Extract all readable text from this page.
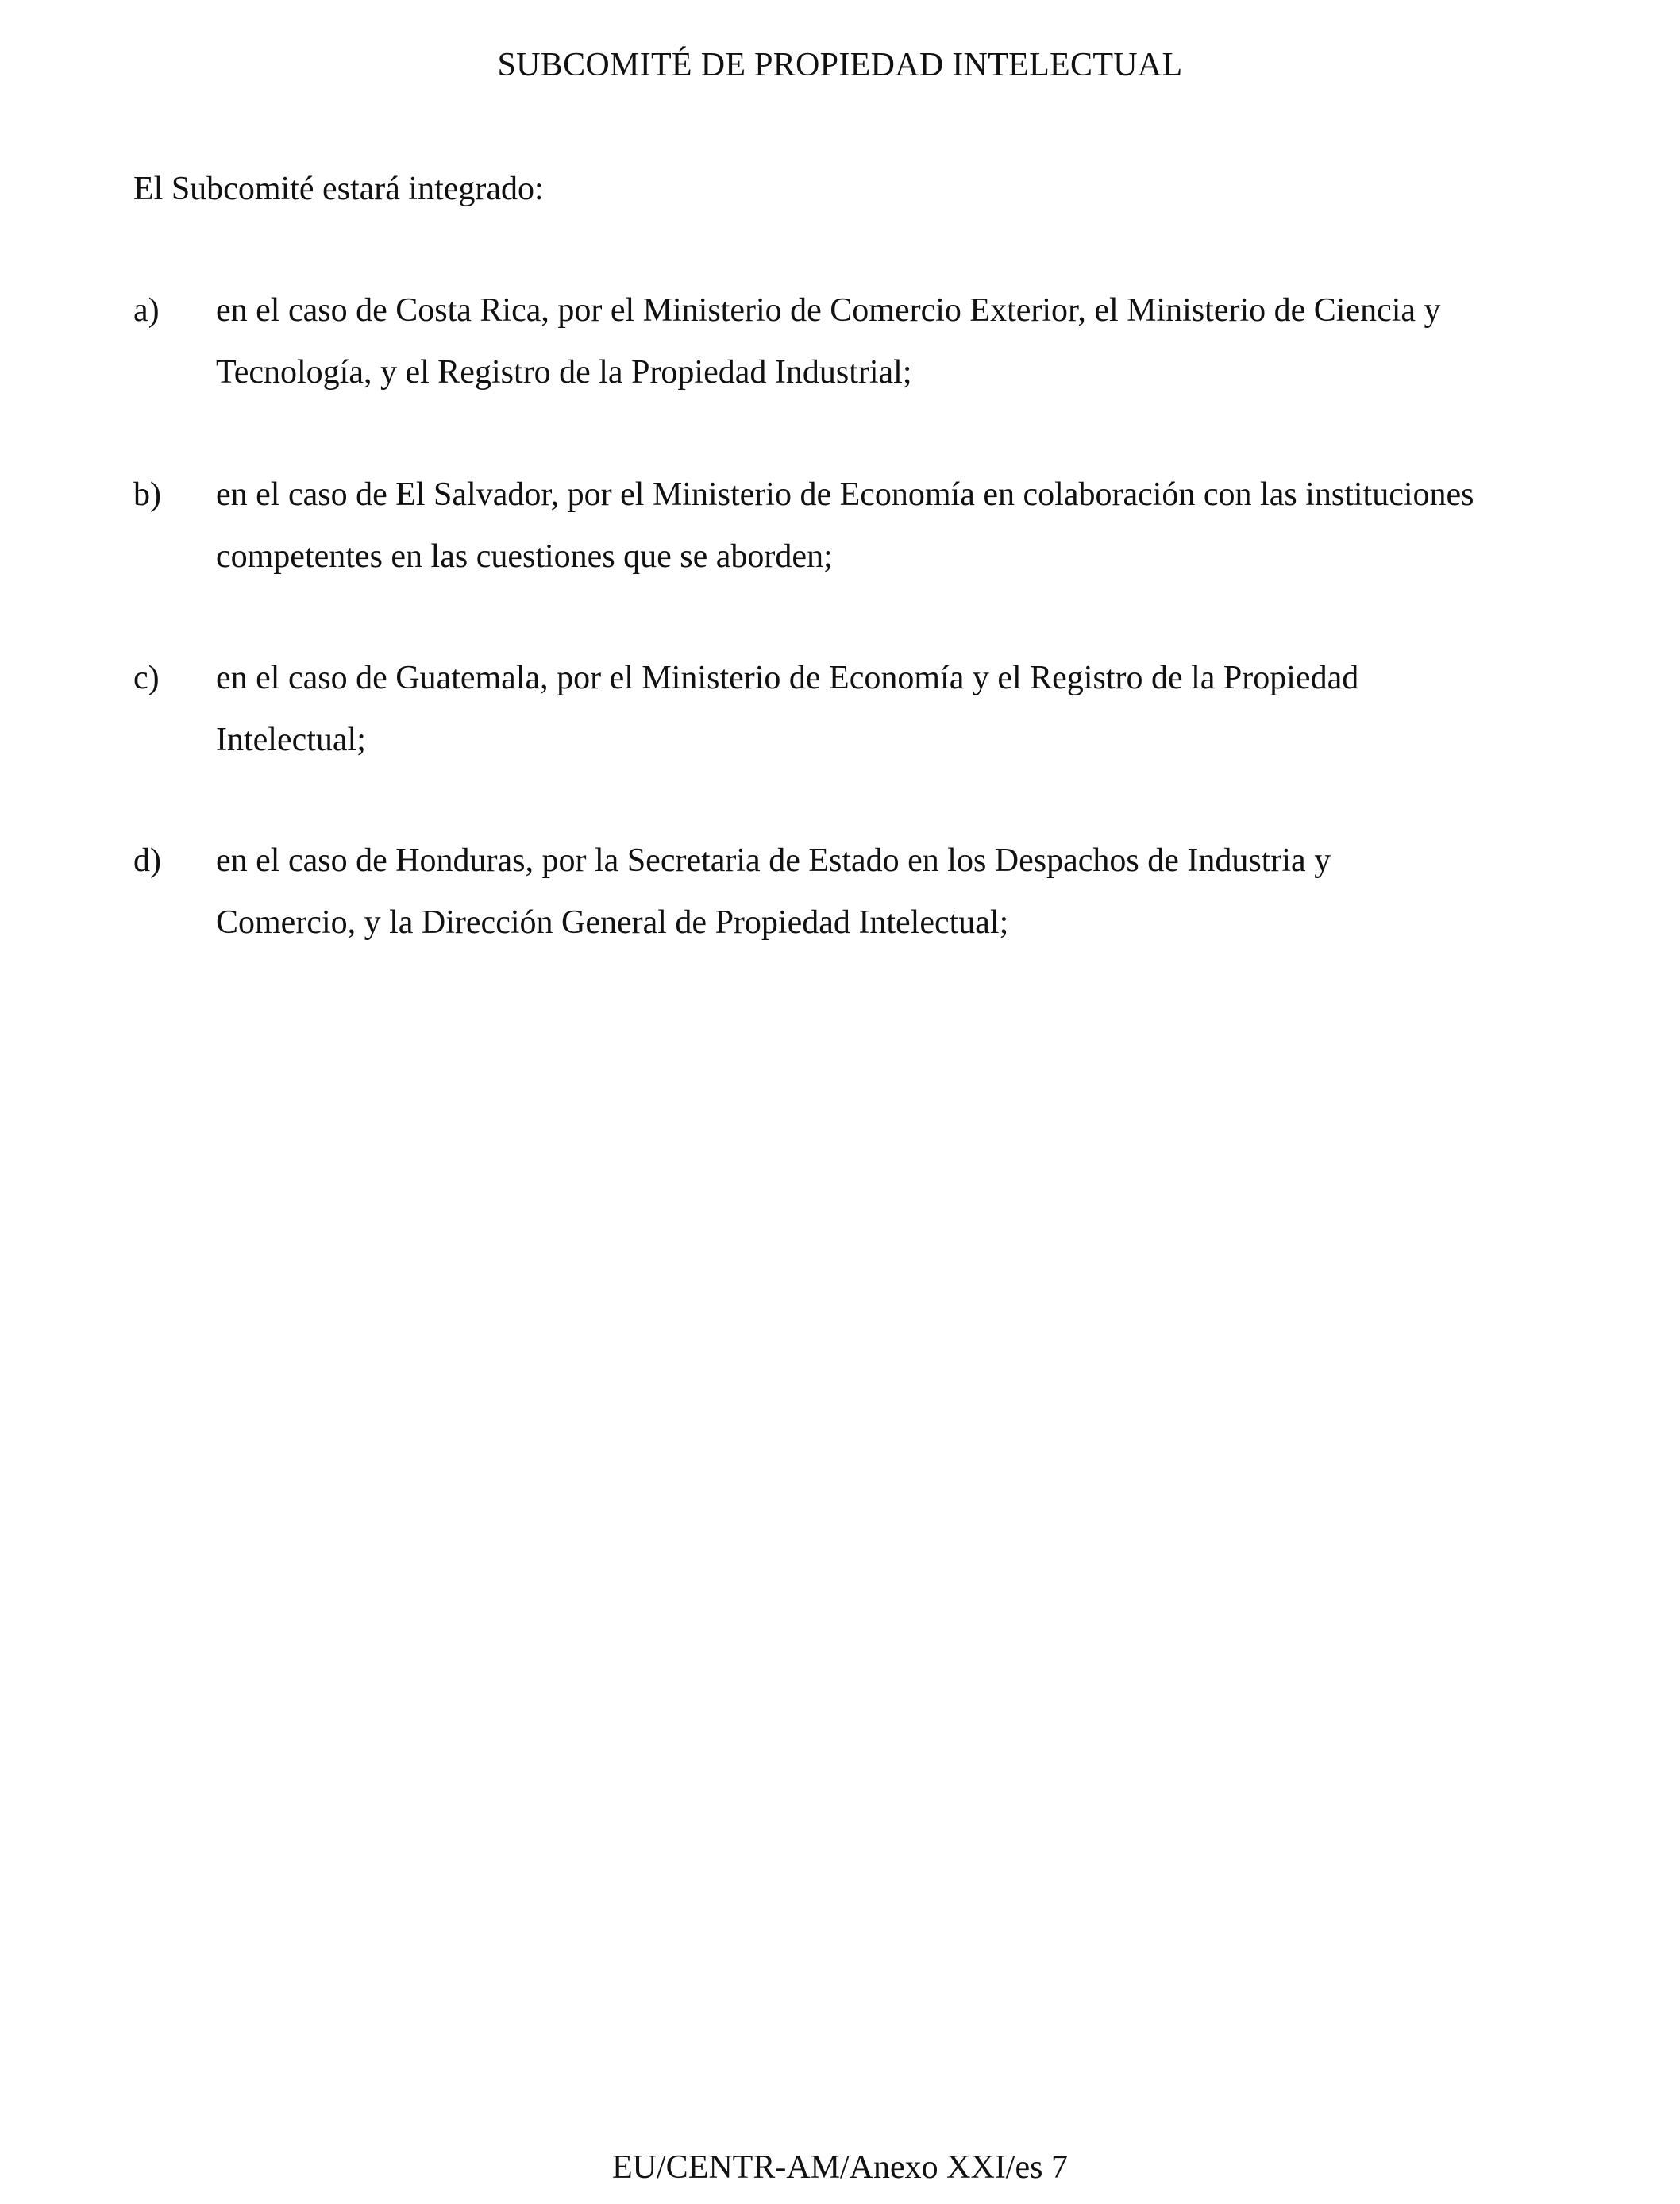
SUBCOMITÉ DE PROPIEDAD INTELECTUAL
El Subcomité estará integrado:
a)	en el caso de Costa Rica, por el Ministerio de Comercio Exterior, el Ministerio de Ciencia y
Tecnología, y el Registro de la Propiedad Industrial;
b)	en el caso de El Salvador, por el Ministerio de Economía en colaboración con las instituciones
competentes en las cuestiones que se aborden;
c)	en el caso de Guatemala, por el Ministerio de Economía y el Registro de la Propiedad
Intelectual;
d)	en el caso de Honduras, por la Secretaria de Estado en los Despachos de Industria y
Comercio, y la Dirección General de Propiedad Intelectual;
EU/CENTR-AM/Anexo XXI/es 7
